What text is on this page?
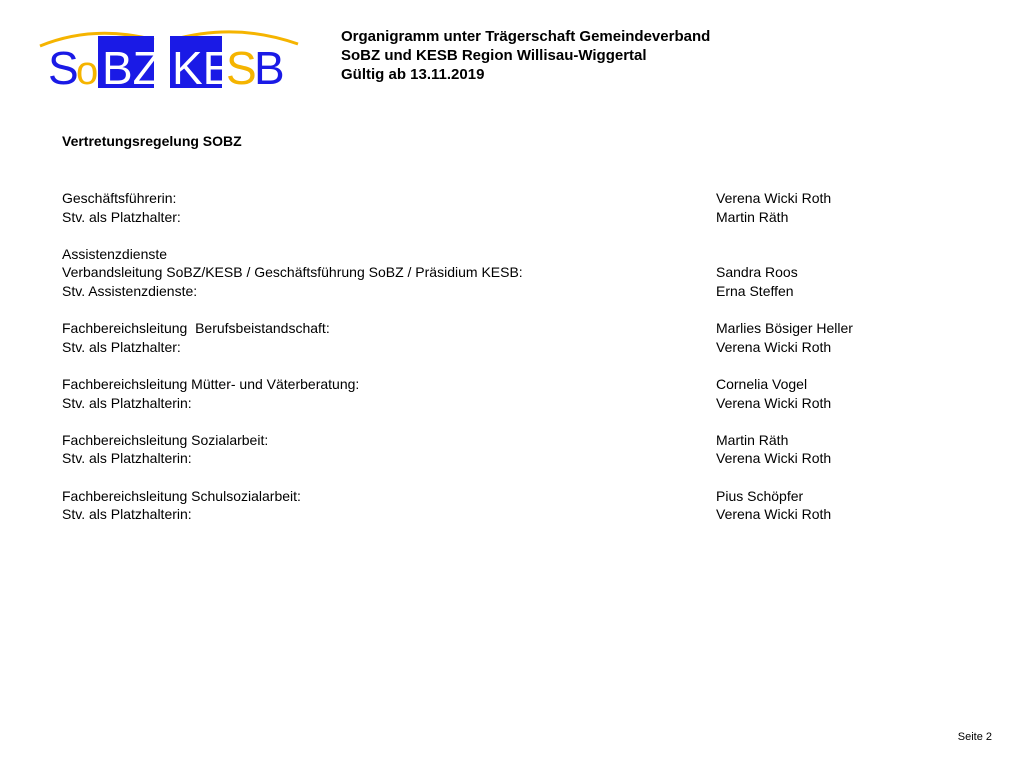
S
o BZ KE
S
B
Organigramm unter Trägerschaft Gemeindeverband
SoBZ und KESB Region Willisau-Wiggertal
Gültig ab 13.11.2019
Vertretungsregelung SOBZ
Geschäftsführerin:	Verena Wicki Roth
Stv. als Platzhalter:	Martin Räth
Assistenzdienste
Verbandsleitung SoBZ/KESB / Geschäftsführung SoBZ / Präsidium KESB:	Sandra Roos
Stv. Assistenzdienste:	Erna Steffen
Fachbereichsleitung  Berufsbeistandschaft:	Marlies Bösiger Heller
Stv. als Platzhalter:	Verena Wicki Roth
Fachbereichsleitung Mütter- und Väterberatung:	Cornelia Vogel
Stv. als Platzhalterin:	Verena Wicki Roth
Fachbereichsleitung Sozialarbeit:	Martin Räth
Stv. als Platzhalterin:	Verena Wicki Roth
Fachbereichsleitung Schulsozialarbeit:	Pius Schöpfer
Stv. als Platzhalterin:	Verena Wicki Roth
Seite 2
